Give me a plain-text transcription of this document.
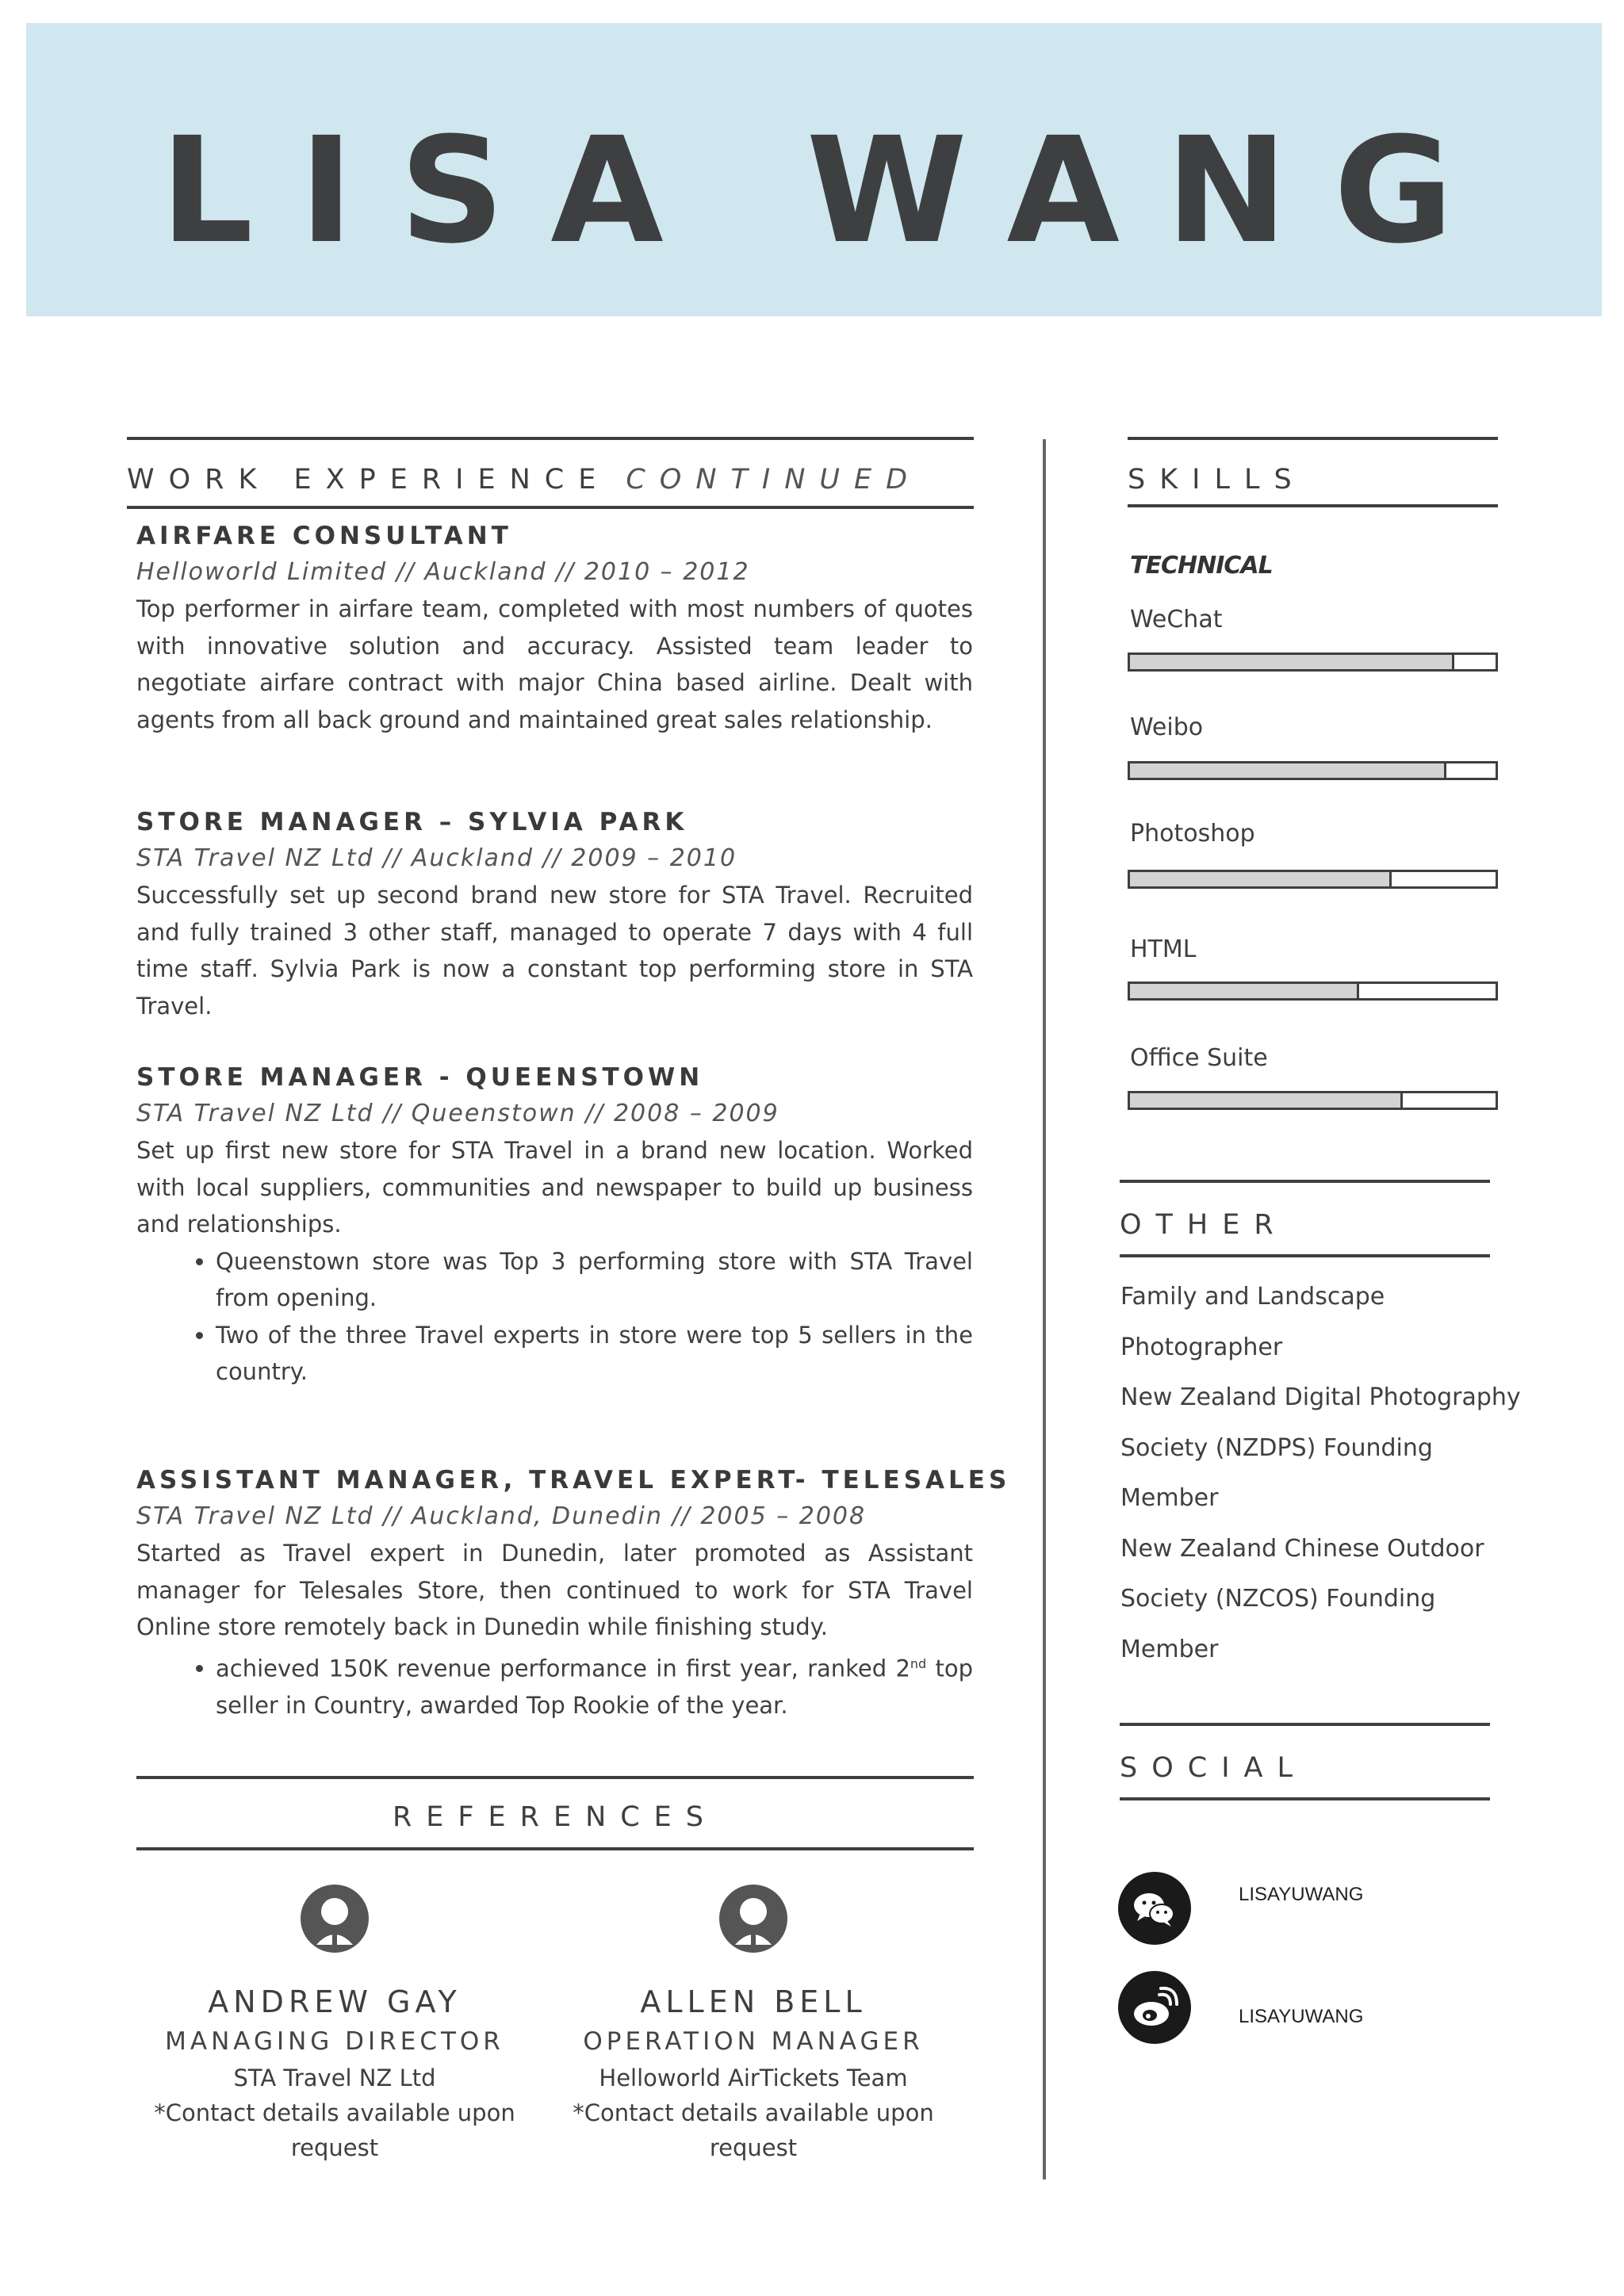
LISA WANG
WORK EXPERIENCE CONTINUED
AIRFARE CONSULTANT
Helloworld Limited // Auckland // 2010 – 2012

Top performer in airfare team, completed with most numbers of quotes with innovative solution and accuracy. Assisted team leader to negotiate airfare contract with major China based airline. Dealt with agents from all back ground and maintained great sales relationship.

STORE MANAGER – SYLVIA PARK
STA Travel NZ Ltd // Auckland // 2009 – 2010

Successfully set up second brand new store for STA Travel. Recruited and fully trained 3 other staff, managed to operate 7 days with 4 full time staff. Sylvia Park is now a constant top performing store in STA Travel.

STORE MANAGER - QUEENSTOWN
STA Travel NZ Ltd // Queenstown // 2008 – 2009

Set up first new store for STA Travel in a brand new location. Worked with local suppliers, communities and newspaper to build up business and relationships.

• Queenstown store was Top 3 performing store with STA Travel from opening.
• Two of the three Travel experts in store were top 5 sellers in the country.
ASSISTANT MANAGER, TRAVEL EXPERT- TELESALES
STA Travel NZ Ltd // Auckland, Dunedin // 2005 – 2008

Started as Travel expert in Dunedin, later promoted as Assistant manager for Telesales Store, then continued to work for STA Travel Online store remotely back in Dunedin while finishing study.

• achieved 150K revenue performance in first year, ranked 2nd top seller in Country, awarded Top Rookie of the year.
REFERENCES
ANDREW GAY
MANAGING DIRECTOR
STA Travel NZ Ltd
*Contact details available upon request
ALLEN BELL
OPERATION MANAGER
Helloworld AirTickets Team
*Contact details available upon request
SKILLS
TECHNICAL
WeChat
Weibo
Photoshop
HTML
Office Suite
OTHER
Family and Landscape
Photographer
New Zealand Digital Photography
Society (NZDPS) Founding
Member
New Zealand Chinese Outdoor
Society (NZCOS) Founding
Member
SOCIAL
LISAYUWANG
LISAYUWANG
